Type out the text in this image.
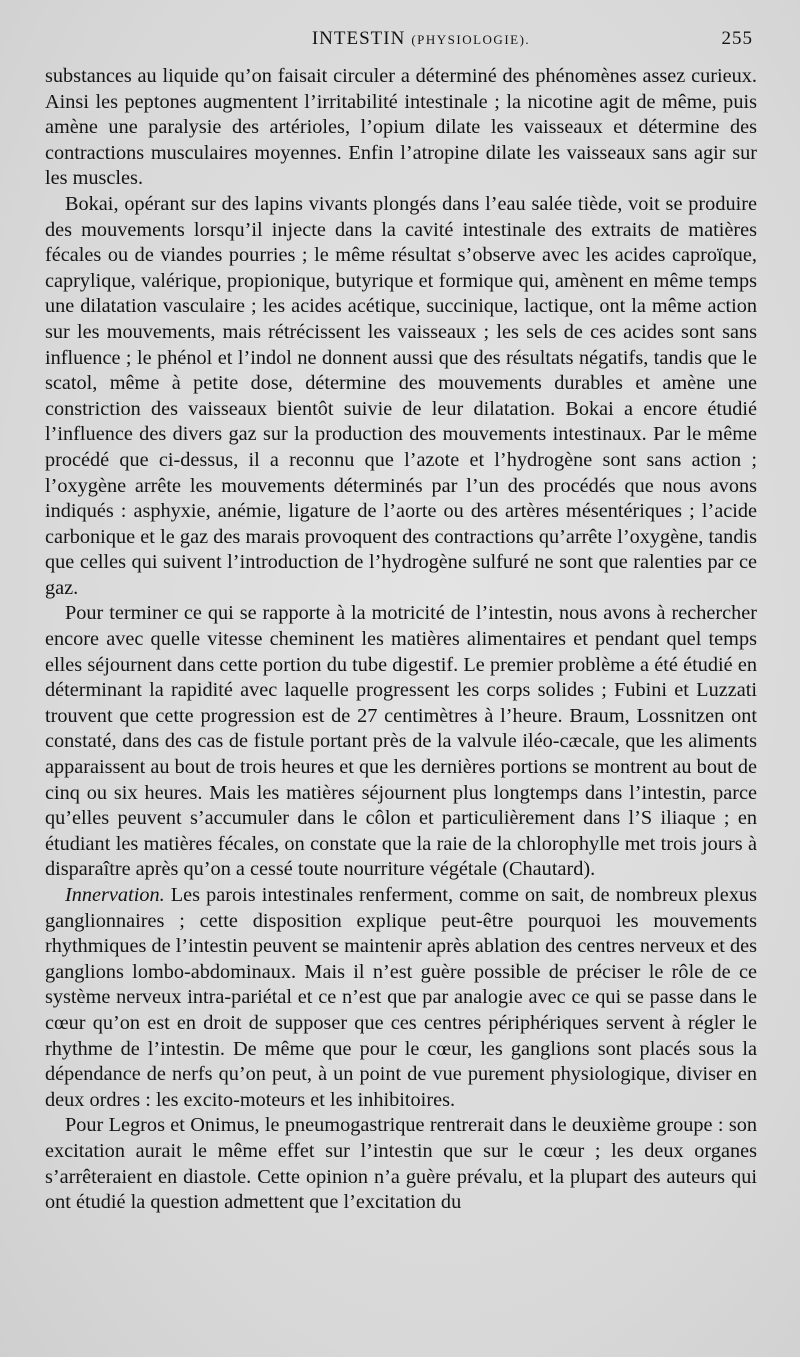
INTESTIN (PHYSIOLOGIE).	255

substances au liquide qu’on faisait circuler a déterminé des phénomènes assez curieux. Ainsi les peptones augmentent l’irritabilité intestinale ; la nicotine agit de même, puis amène une paralysie des artérioles, l’opium dilate les vaisseaux et détermine des contractions musculaires moyennes. Enfin l’atropine dilate les vaisseaux sans agir sur les muscles.

Bokai, opérant sur des lapins vivants plongés dans l’eau salée tiède, voit se produire des mouvements lorsqu’il injecte dans la cavité intestinale des extraits de matières fécales ou de viandes pourries ; le même résultat s’observe avec les acides caproïque, caprylique, valérique, propionique, butyrique et formique qui, amènent en même temps une dilatation vasculaire ; les acides acétique, succinique, lactique, ont la même action sur les mouvements, mais rétrécissent les vaisseaux ; les sels de ces acides sont sans influence ; le phénol et l’indol ne donnent aussi que des résultats négatifs, tandis que le scatol, même à petite dose, détermine des mouvements durables et amène une constriction des vaisseaux bientôt suivie de leur dilatation. Bokai a encore étudié l’influence des divers gaz sur la production des mouvements intestinaux. Par le même procédé que ci-dessus, il a reconnu que l’azote et l’hydrogène sont sans action ; l’oxygène arrête les mouvements déterminés par l’un des procédés que nous avons indiqués : asphyxie, anémie, ligature de l’aorte ou des artères mésentériques ; l’acide carbonique et le gaz des marais provoquent des contractions qu’arrête l’oxygène, tandis que celles qui suivent l’introduction de l’hydrogène sulfuré ne sont que ralenties par ce gaz.

Pour terminer ce qui se rapporte à la motricité de l’intestin, nous avons à rechercher encore avec quelle vitesse cheminent les matières alimentaires et pendant quel temps elles séjournent dans cette portion du tube digestif. Le premier problème a été étudié en déterminant la rapidité avec laquelle progressent les corps solides ; Fubini et Luzzati trouvent que cette progression est de 27 centimètres à l’heure. Braum, Lossnitzen ont constaté, dans des cas de fistule portant près de la valvule iléo-cæcale, que les aliments apparaissent au bout de trois heures et que les dernières portions se montrent au bout de cinq ou six heures. Mais les matières séjournent plus longtemps dans l’intestin, parce qu’elles peuvent s’accumuler dans le côlon et particulièrement dans l’S iliaque ; en étudiant les matières fécales, on constate que la raie de la chlorophylle met trois jours à disparaître après qu’on a cessé toute nourriture végétale (Chautard).

Innervation. Les parois intestinales renferment, comme on sait, de nombreux plexus ganglionnaires ; cette disposition explique peut-être pourquoi les mouvements rhythmiques de l’intestin peuvent se maintenir après ablation des centres nerveux et des ganglions lombo-abdominaux. Mais il n’est guère possible de préciser le rôle de ce système nerveux intra-pariétal et ce n’est que par analogie avec ce qui se passe dans le cœur qu’on est en droit de supposer que ces centres périphériques servent à régler le rhythme de l’intestin. De même que pour le cœur, les ganglions sont placés sous la dépendance de nerfs qu’on peut, à un point de vue purement physiologique, diviser en deux ordres : les excito-moteurs et les inhibitoires.

Pour Legros et Onimus, le pneumogastrique rentrerait dans le deuxième groupe : son excitation aurait le même effet sur l’intestin que sur le cœur ; les deux organes s’arrêteraient en diastole. Cette opinion n’a guère prévalu, et la plupart des auteurs qui ont étudié la question admettent que l’excitation du
